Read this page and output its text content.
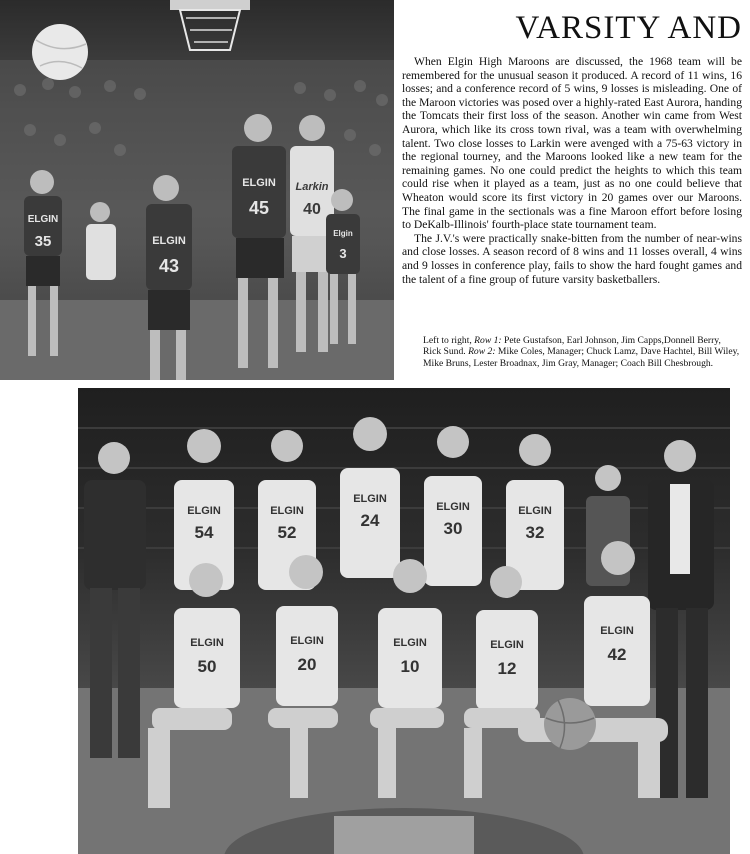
ELGIN
35	ELGIN
43
ELGIN
45
Larkin
40
Elgin
3
VARSITY AND

When Elgin High Maroons are discussed, the 1968 team will be remembered for the unusual season it produced. A record of 11 wins, 16 losses; and a conference record of 5 wins, 9 losses is misleading. One of the Maroon victories was posed over a highly-rated East Aurora, handing the Tomcats their first loss of the season. Another win came from West Aurora, which like its cross town rival, was a team with overwhelming talent. Two close losses to Larkin were avenged with a 75-63 victory in the regional tourney, and the Maroons looked like a new team for the remaining games. No one could predict the heights to which this team could rise when it played as a team, just as no one could believe that Wheaton would score its first victory in 20 games over our Maroons. The final game in the sectionals was a fine Maroon effort before losing to DeKalb-Illinois' fourth-place state tournament team.

The J.V.'s were practically snake-bitten from the number of near-wins and close losses. A season record of 8 wins and 11 losses overall, 4 wins and 9 losses in conference play, fails to show the hard fought games and the talent of a fine group of future varsity basketballers.

Left to right, Row 1: Pete Gustafson, Earl Johnson, Jim Capps,Donnell Berry, Rick Sund. Row 2: Mike Coles, Manager; Chuck Lamz, Dave Hachtel, Bill Wiley, Mike Bruns, Lester Broadnax, Jim Gray, Manager; Coach Bill Chesbrough.
ELGIN
54
ELGIN
52
ELGIN
24
ELGIN
30
ELGIN
32
ELGIN
50
ELGIN
20
ELGIN
10
ELGIN
12
ELGIN
42
